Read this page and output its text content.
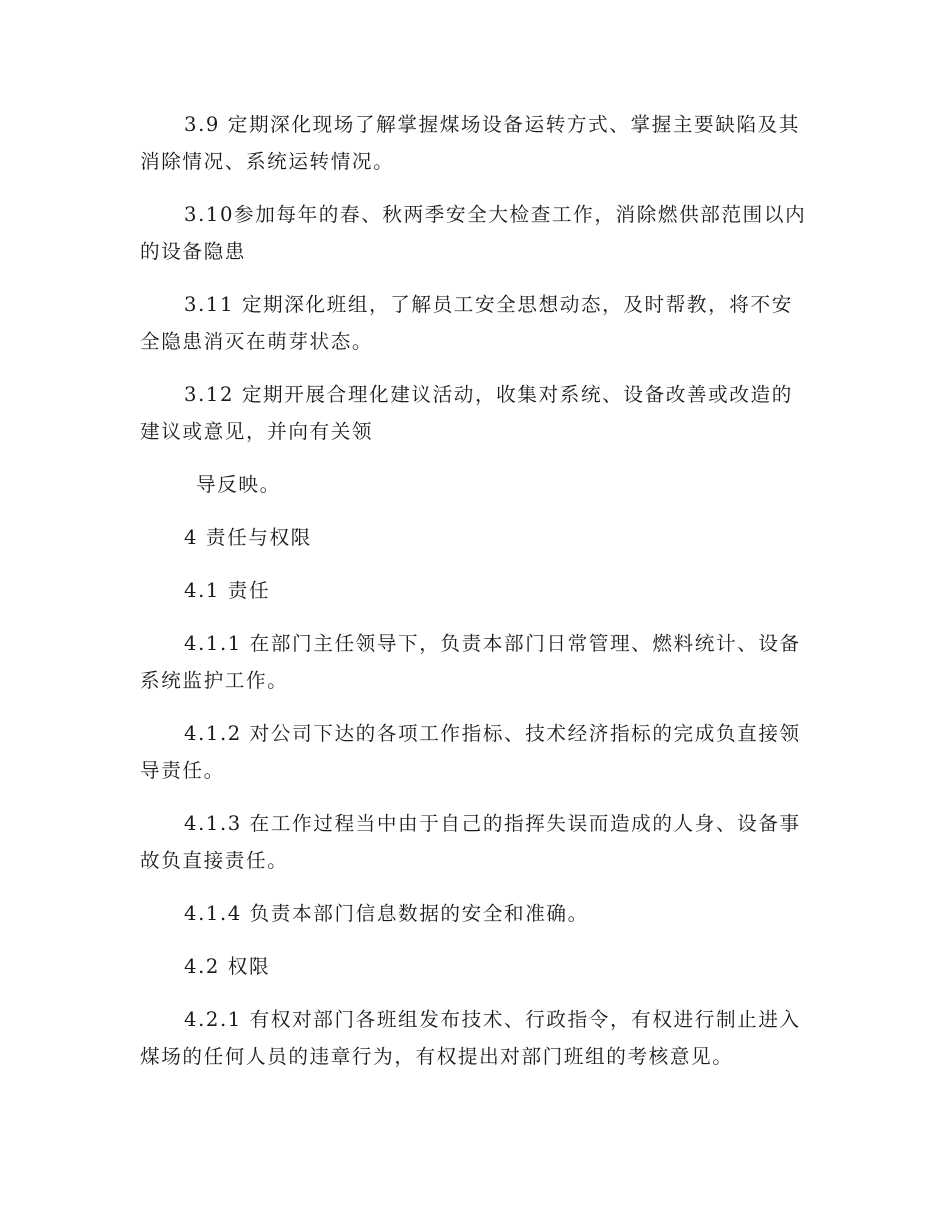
3.9 定期深化现场了解掌握煤场设备运转方式、掌握主要缺陷及其消除情况、系统运转情况。

3.10参加每年的春、秋两季安全大检查工作，消除燃供部范围以内的设备隐患

3.11 定期深化班组，了解员工安全思想动态，及时帮教，将不安全隐患消灭在萌芽状态。

3.12 定期开展合理化建议活动，收集对系统、设备改善或改造的建议或意见，并向有关领

导反映。

4 责任与权限

4.1 责任

4.1.1 在部门主任领导下，负责本部门日常管理、燃料统计、设备系统监护工作。

4.1.2 对公司下达的各项工作指标、技术经济指标的完成负直接领导责任。

4.1.3 在工作过程当中由于自己的指挥失误而造成的人身、设备事故负直接责任。

4.1.4 负责本部门信息数据的安全和准确。

4.2 权限

4.2.1 有权对部门各班组发布技术、行政指令，有权进行制止进入煤场的任何人员的违章行为，有权提出对部门班组的考核意见。
